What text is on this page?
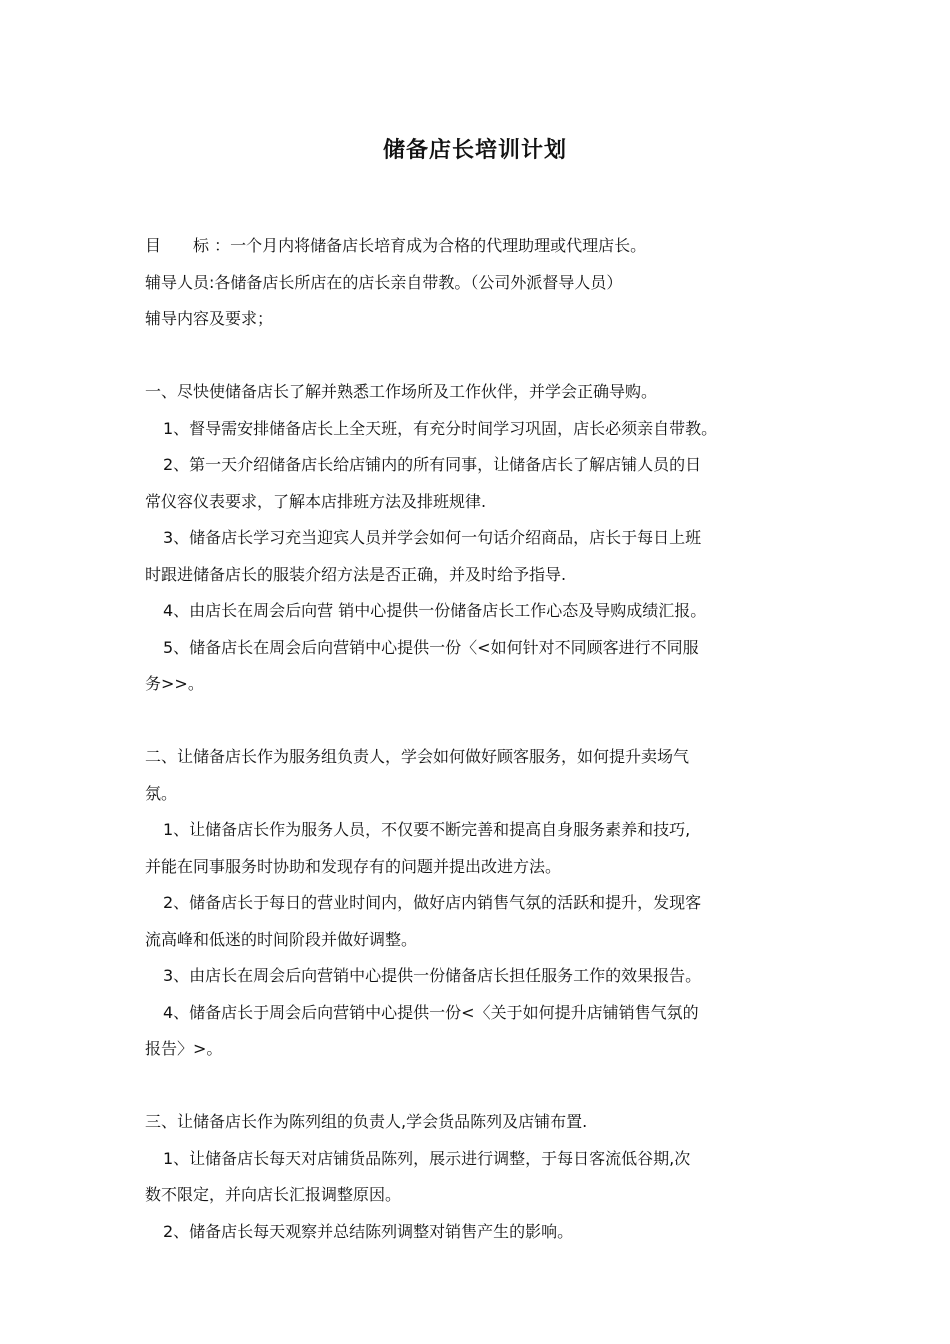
储备店长培训计划
目 标 ：一个月内将储备店长培育成为合格的代理助理或代理店长。
辅导人员:各储备店长所店在的店长亲自带教。（公司外派督导人员）
辅导内容及要求；
一、尽快使储备店长了解并熟悉工作场所及工作伙伴，并学会正确导购。
1、督导需安排储备店长上全天班，有充分时间学习巩固，店长必须亲自带教。
2、第一天介绍储备店长给店铺内的所有同事，让储备店长了解店铺人员的日
常仪容仪表要求，了解本店排班方法及排班规律.
3、储备店长学习充当迎宾人员并学会如何一句话介绍商品，店长于每日上班
时跟进储备店长的服装介绍方法是否正确，并及时给予指导.
4、由店长在周会后向营 销中心提供一份储备店长工作心态及导购成绩汇报。
5、储备店长在周会后向营销中心提供一份〈<如何针对不同顾客进行不同服
务>>。
二、让储备店长作为服务组负责人，学会如何做好顾客服务，如何提升卖场气
氛。
1、让储备店长作为服务人员，不仅要不断完善和提高自身服务素养和技巧,
并能在同事服务时协助和发现存有的问题并提出改进方法。
2、储备店长于每日的营业时间内，做好店内销售气氛的活跃和提升，发现客
流高峰和低迷的时间阶段并做好调整。
3、由店长在周会后向营销中心提供一份储备店长担任服务工作的效果报告。
4、储备店长于周会后向营销中心提供一份<〈关于如何提升店铺销售气氛的
报告〉>。
三、让储备店长作为陈列组的负责人,学会货品陈列及店铺布置.
1、让储备店长每天对店铺货品陈列，展示进行调整，于每日客流低谷期,次
数不限定，并向店长汇报调整原因。
2、储备店长每天观察并总结陈列调整对销售产生的影响。
